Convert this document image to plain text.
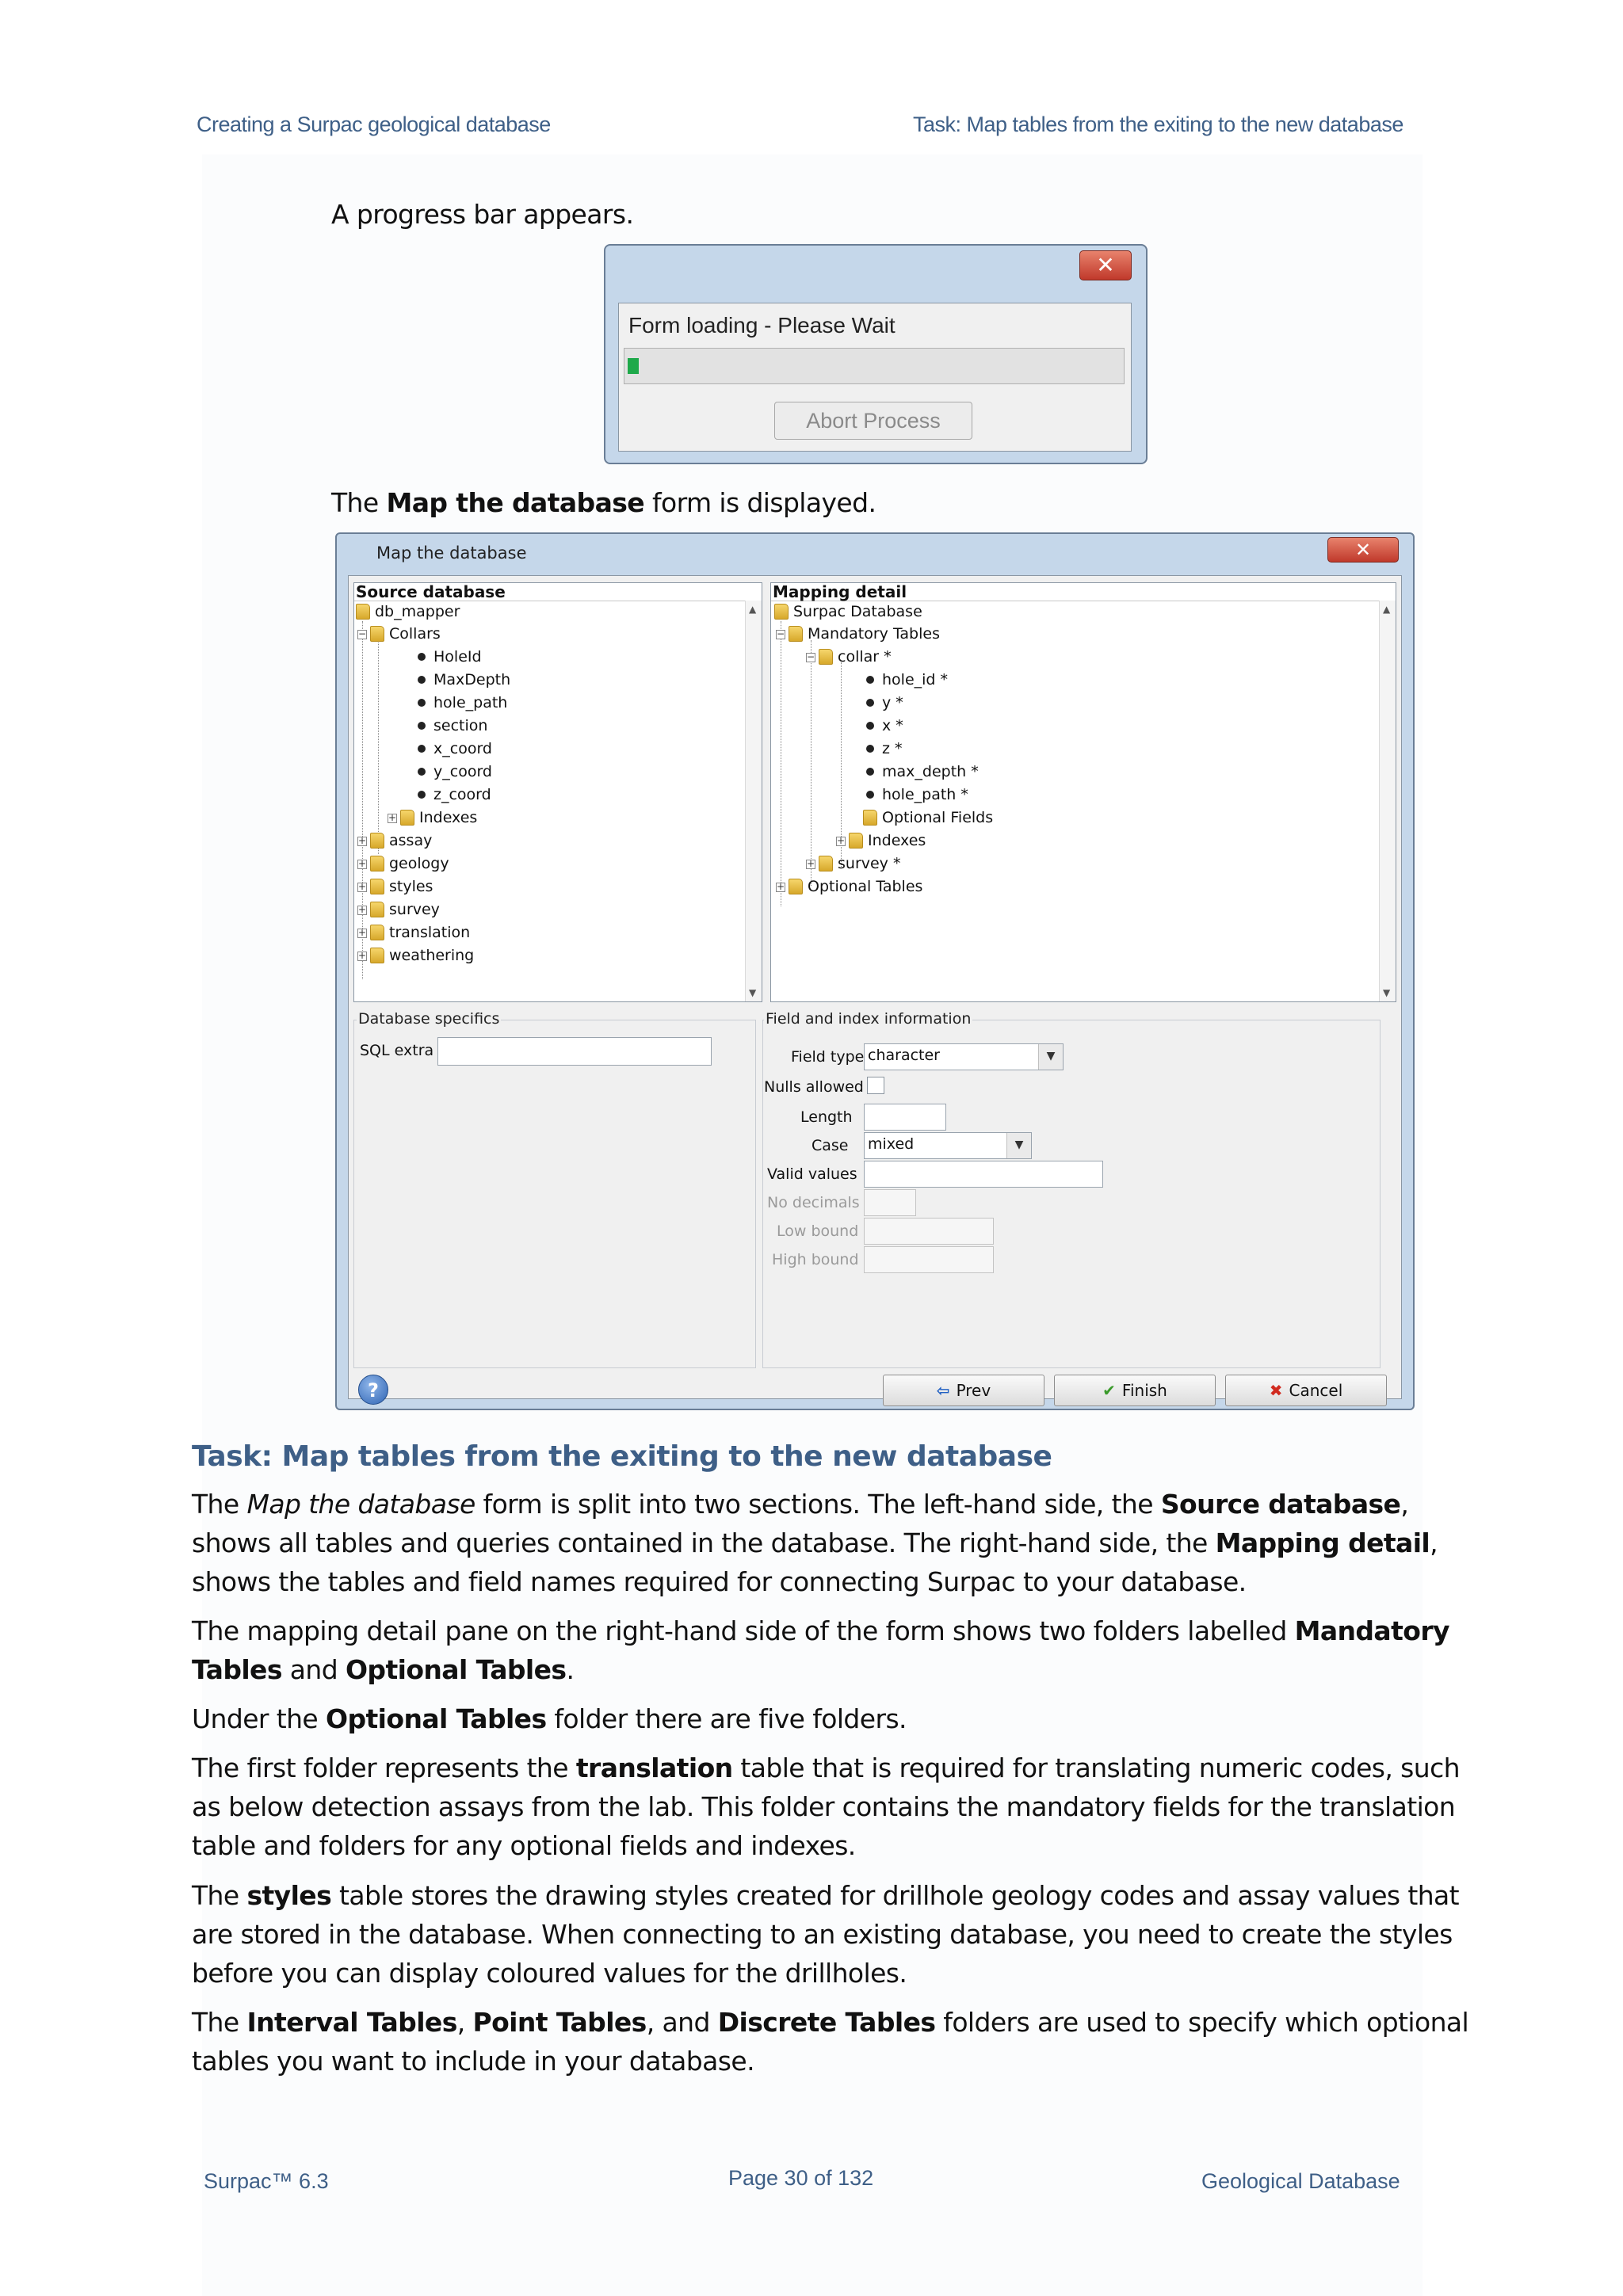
Creating a Surpac geological database	Task: Map tables from the exiting to the new database
A progress bar appears.
✕
Form loading - Please Wait
Abort Process
The Map the database form is displayed.
Map the database	✕
Source database
▲
▼
db_mapper
− Collars
HoleId
MaxDepth
hole_path
section
x_coord
y_coord
z_coord
+ Indexes
+ assay
+ geology
+ styles
+ survey
+ translation
+ weathering
Mapping detail
▲
▼
Surpac Database
− Mandatory Tables
− collar *
hole_id *
y *
x *
z *
max_depth *
hole_path *
Optional Fields
+ Indexes
+ survey *
+ Optional Tables
Database specifics
SQL extra
Field and index information
Field type character	▼
Nulls allowed
Length
Case mixed	▼
Valid values
No decimals
Low bound
High bound
?	⇦ Prev	✔ Finish	✖ Cancel
Task: Map tables from the exiting to the new database
The Map the database form is split into two sections. The left-hand side, the Source database,
shows all tables and queries contained in the database. The right-hand side, the Mapping detail,
shows the tables and field names required for connecting Surpac to your database.
The mapping detail pane on the right-hand side of the form shows two folders labelled Mandatory
Tables and Optional Tables.
Under the Optional Tables folder there are five folders.
The first folder represents the translation table that is required for translating numeric codes, such
as below detection assays from the lab. This folder contains the mandatory fields for the translation
table and folders for any optional fields and indexes.
The styles table stores the drawing styles created for drillhole geology codes and assay values that
are stored in the database. When connecting to an existing database, you need to create the styles
before you can display coloured values for the drillholes.
The Interval Tables, Point Tables, and Discrete Tables folders are used to specify which optional
tables you want to include in your database.
Surpac™ 6.3	Page 30 of 132	Geological Database
